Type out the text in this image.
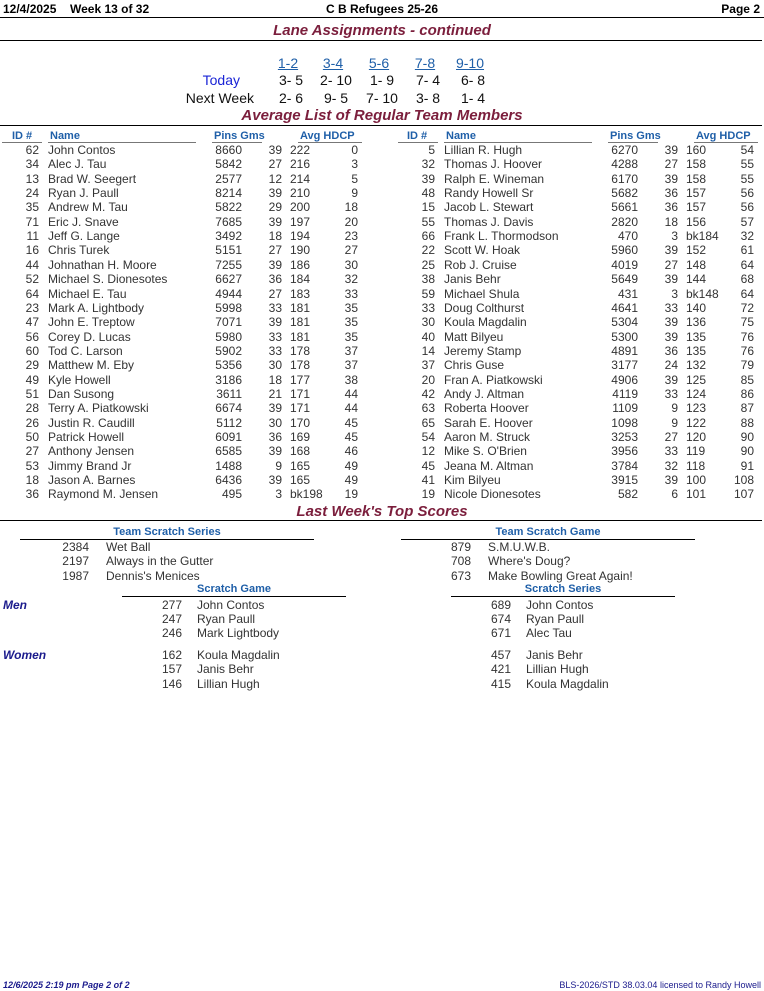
12/4/2025 Week 13 of 32	C B Refugees 25-26	Page 2
Lane Assignments - continued
1-2	3-4	5-6	7-8	9-10
Today	3- 5	2- 10	1- 9	7- 4	6- 8
Next Week	2- 6	9- 5	7- 10	3- 8	1- 4
Average List of Regular Team Members
ID # Name	Pins Gms	Avg HDCP	ID # Name	Pins Gms	Avg HDCP
62 John Contos	8660	39 222	0
34 Alec J. Tau	5842	27 216	3
13 Brad W. Seegert	2577	12 214	5
24 Ryan J. Paull	8214	39 210	9
35 Andrew M. Tau	5822	29 200	18
71 Eric J. Snave	7685	39 197	20
11 Jeff G. Lange	3492	18 194	23
16 Chris Turek	5151	27 190	27
44 Johnathan H. Moore	7255	39 186	30
52 Michael S. Dionesotes	6627	36 184	32
64 Michael E. Tau	4944	27 183	33
23 Mark A. Lightbody	5998	33 181	35
47 John E. Treptow	7071	39 181	35
56 Corey D. Lucas	5980	33 181	35
60 Tod C. Larson	5902	33 178	37
29 Matthew M. Eby	5356	30 178	37
49 Kyle Howell	3186	18 177	38
51 Dan Susong	3611	21 171	44
28 Terry A. Piatkowski	6674	39 171	44
26 Justin R. Caudill	5112	30 170	45
50 Patrick Howell	6091	36 169	45
27 Anthony Jensen	6585	39 168	46
53 Jimmy Brand Jr	1488	9 165	49
18 Jason A. Barnes	6436	39 165	49
36 Raymond M. Jensen	495	3 bk198	19
5 Lillian R. Hugh	6270	39 160	54
32 Thomas J. Hoover	4288	27 158	55
39 Ralph E. Wineman	6170	39 158	55
48 Randy Howell Sr	5682	36 157	56
15 Jacob L. Stewart	5661	36 157	56
55 Thomas J. Davis	2820	18 156	57
66 Frank L. Thormodson	470	3 bk184	32
22 Scott W. Hoak	5960	39 152	61
25 Rob J. Cruise	4019	27 148	64
38 Janis Behr	5649	39 144	68
59 Michael Shula	431	3 bk148	64
33 Doug Colthurst	4641	33 140	72
30 Koula Magdalin	5304	39 136	75
40 Matt Bilyeu	5300	39 135	76
14 Jeremy Stamp	4891	36 135	76
37 Chris Guse	3177	24 132	79
20 Fran A. Piatkowski	4906	39 125	85
42 Andy J. Altman	4119	33 124	86
63 Roberta Hoover	1109	9 123	87
65 Sarah E. Hoover	1098	9 122	88
54 Aaron M. Struck	3253	27 120	90
12 Mike S. O'Brien	3956	33 119	90
45 Jeana M. Altman	3784	32 118	91
41 Kim Bilyeu	3915	39 100	108
19 Nicole Dionesotes	582	6 101	107
Last Week's Top Scores
Team Scratch Series	Team Scratch Game
2384 Wet Ball
2197 Always in the Gutter
1987 Dennis's Menices
879 S.M.U.W.B.
708 Where's Doug?
673 Make Bowling Great Again!
Scratch Game	Scratch Series
Men
Women
277 John Contos
247 Ryan Paull
246 Mark Lightbody
689 John Contos
674 Ryan Paull
671 Alec Tau
162 Koula Magdalin
157 Janis Behr
146 Lillian Hugh
457 Janis Behr
421 Lillian Hugh
415 Koula Magdalin
12/6/2025 2:19 pm Page 2 of 2	BLS-2026/STD 38.03.04 licensed to Randy Howell
